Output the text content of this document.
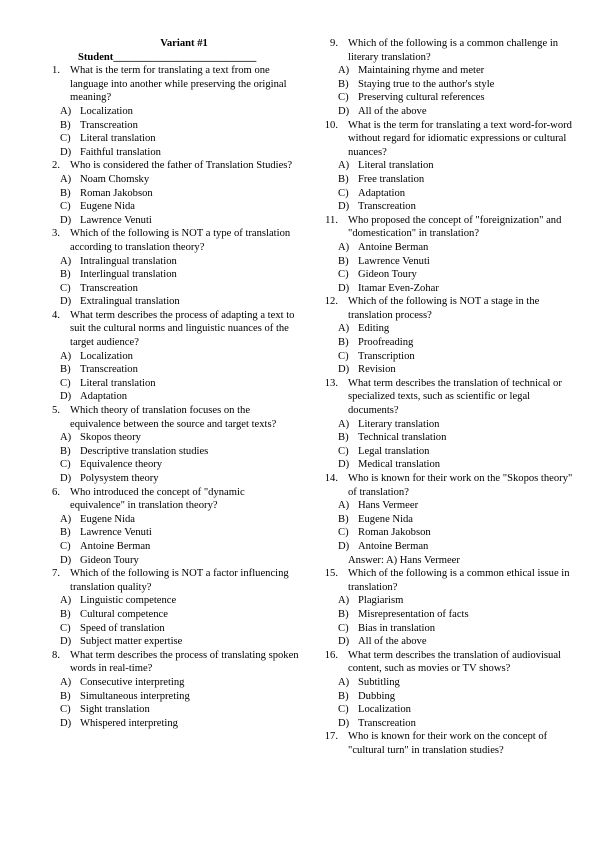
Variant #1
Student___________________________
1. What is the term for translating a text from one language into another while preserving the original meaning?
A) Localization
B) Transcreation
C) Literal translation
D) Faithful translation
2. Who is considered the father of Translation Studies?
A) Noam Chomsky
B) Roman Jakobson
C) Eugene Nida
D) Lawrence Venuti
3. Which of the following is NOT a type of translation according to translation theory?
A) Intralingual translation
B) Interlingual translation
C) Transcreation
D) Extralingual translation
4. What term describes the process of adapting a text to suit the cultural norms and linguistic nuances of the target audience?
A) Localization
B) Transcreation
C) Literal translation
D) Adaptation
5. Which theory of translation focuses on the equivalence between the source and target texts?
A) Skopos theory
B) Descriptive translation studies
C) Equivalence theory
D) Polysystem theory
6. Who introduced the concept of "dynamic equivalence" in translation theory?
A) Eugene Nida
B) Lawrence Venuti
C) Antoine Berman
D) Gideon Toury
7. Which of the following is NOT a factor influencing translation quality?
A) Linguistic competence
B) Cultural competence
C) Speed of translation
D) Subject matter expertise
8. What term describes the process of translating spoken words in real-time?
A) Consecutive interpreting
B) Simultaneous interpreting
C) Sight translation
D) Whispered interpreting
9. Which of the following is a common challenge in literary translation?
A) Maintaining rhyme and meter
B) Staying true to the author's style
C) Preserving cultural references
D) All of the above
10. What is the term for translating a text word-for-word without regard for idiomatic expressions or cultural nuances?
A) Literal translation
B) Free translation
C) Adaptation
D) Transcreation
11. Who proposed the concept of "foreignization" and "domestication" in translation?
A) Antoine Berman
B) Lawrence Venuti
C) Gideon Toury
D) Itamar Even-Zohar
12. Which of the following is NOT a stage in the translation process?
A) Editing
B) Proofreading
C) Transcription
D) Revision
13. What term describes the translation of technical or specialized texts, such as scientific or legal documents?
A) Literary translation
B) Technical translation
C) Legal translation
D) Medical translation
14. Who is known for their work on the "Skopos theory" of translation?
A) Hans Vermeer
B) Eugene Nida
C) Roman Jakobson
D) Antoine Berman
Answer: A) Hans Vermeer
15. Which of the following is a common ethical issue in translation?
A) Plagiarism
B) Misrepresentation of facts
C) Bias in translation
D) All of the above
16. What term describes the translation of audiovisual content, such as movies or TV shows?
A) Subtitling
B) Dubbing
C) Localization
D) Transcreation
17. Who is known for their work on the concept of "cultural turn" in translation studies?
